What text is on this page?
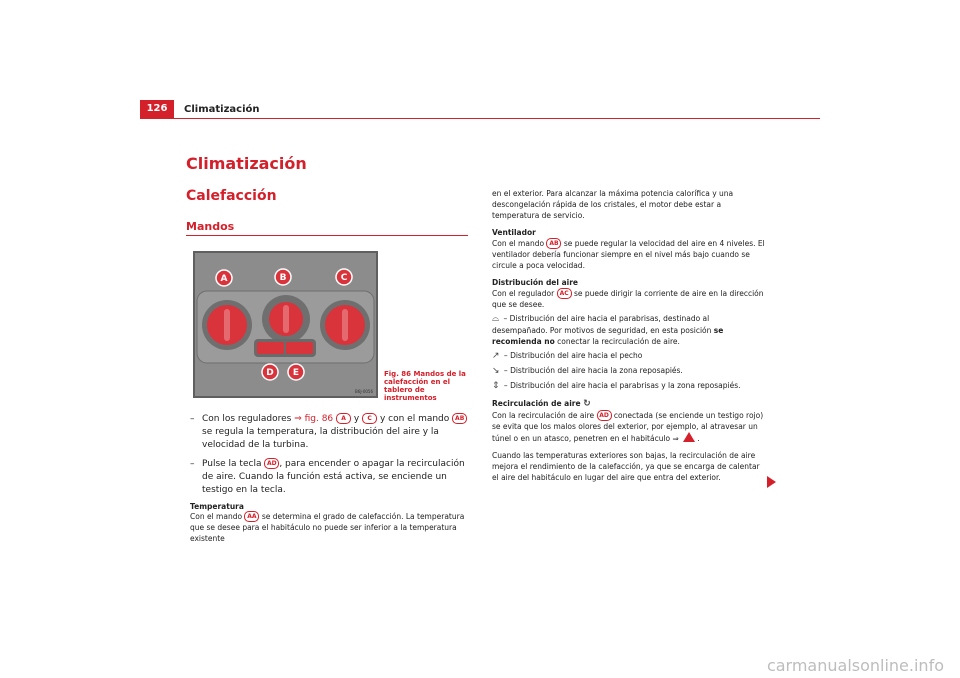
126	Climatización
Climatización
Calefacción
Mandos
A	B	C
D E
B6J-0056
Fig. 86 Mandos de la calefacción en el tablero de instrumentos
– Con los reguladores ⇒ fig. 86 A y C y con el mando AB se regula la temperatura, la distribución del aire y la velocidad de la turbina.
– Pulse la tecla AD , para encender o apagar la recirculación de aire. Cuando la función está activa, se enciende un testigo en la tecla.
Temperatura
Con el mando AA se determina el grado de calefacción. La temperatura que se desee para el habitáculo no puede ser inferior a la temperatura existente
en el exterior. Para alcanzar la máxima potencia calorífica y una descongelación rápida de los cristales, el motor debe estar a temperatura de servicio.
Ventilador
Con el mando AB se puede regular la velocidad del aire en 4 niveles. El ventilador debería funcionar siempre en el nivel más bajo cuando se circule a poca velocidad.
Distribución del aire
Con el regulador AC se puede dirigir la corriente de aire en la dirección que se desee.
⌓ – Distribución del aire hacia el parabrisas, destinado al desempañado. Por motivos de seguridad, en esta posición se recomienda no conectar la recirculación de aire.
↗ – Distribución del aire hacia el pecho
↘ – Distribución del aire hacia la zona reposapiés.
⇕ – Distribución del aire hacia el parabrisas y la zona reposapiés.
Recirculación de aire ↻
Con la recirculación de aire AD conectada (se enciende un testigo rojo) se evita que los malos olores del exterior, por ejemplo, al atravesar un túnel o en un atasco, penetren en el habitáculo ⇒ .
Cuando las temperaturas exteriores son bajas, la recirculación de aire mejora el rendimiento de la calefacción, ya que se encarga de calentar el aire del habitáculo en lugar del aire que entra del exterior.
carmanualsonline.info
